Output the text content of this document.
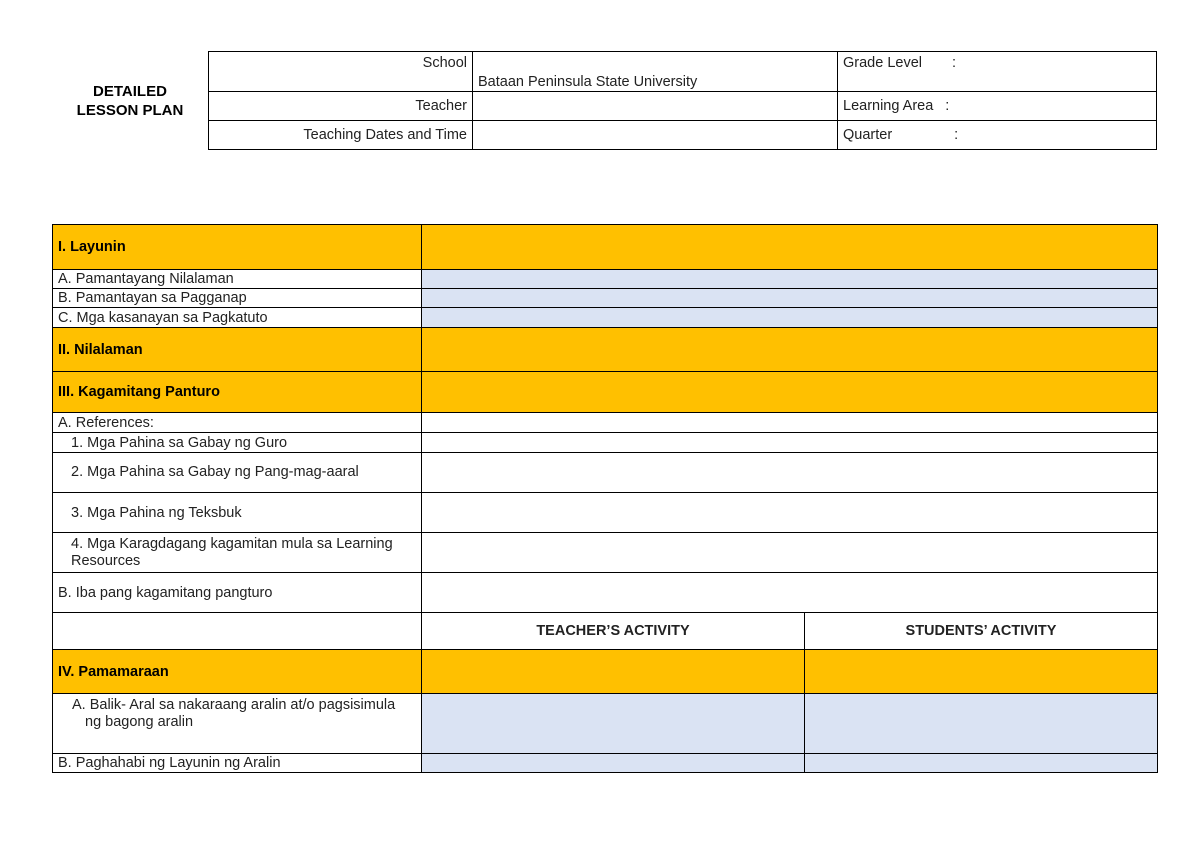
DETAILED
LESSON PLAN
School	Bataan Peninsula State University	Grade Level :
Teacher		Learning Area :
Teaching Dates and Time		Quarter :
I. Layunin		
A. Pamantayang Nilalaman		
B. Pamantayan sa Pagganap		
C. Mga kasanayan sa Pagkatuto		
II. Nilalaman		
III. Kagamitang Panturo		
A. References:		
1. Mga Pahina sa Gabay ng Guro		
2. Mga Pahina sa Gabay ng Pang-mag-aaral		
3. Mga Pahina ng Teksbuk		
4. Mga Karagdagang kagamitan mula sa Learning Resources		
B. Iba pang kagamitang pangturo		
	TEACHER’S ACTIVITY	STUDENTS’ ACTIVITY
IV. Pamamaraan		
A. Balik- Aral sa nakaraang aralin at/o pagsisimula ng bagong aralin		
B. Paghahabi ng Layunin ng Aralin		
